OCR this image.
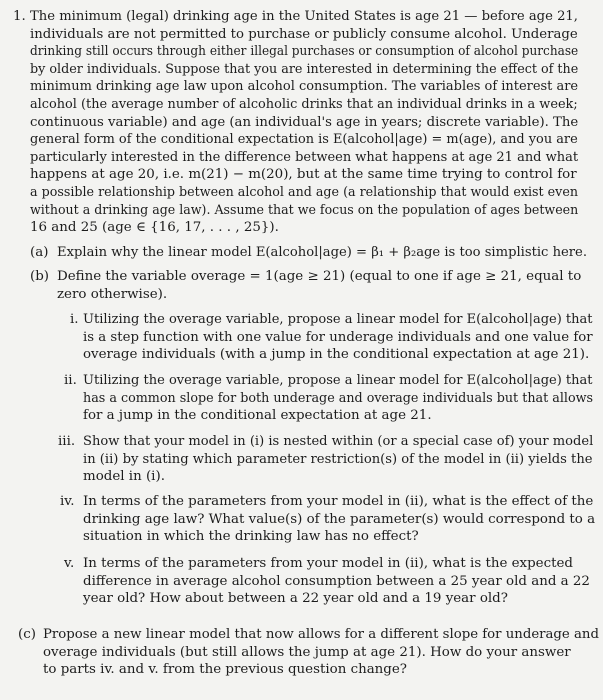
1. The minimum (legal) drinking age in the United States is age 21 — before age 21,
individuals are not permitted to purchase or publicly consume alcohol. Underage
drinking still occurs through either illegal purchases or consumption of alcohol purchase
by older individuals. Suppose that you are interested in determining the effect of the
minimum drinking age law upon alcohol consumption. The variables of interest are
alcohol (the average number of alcoholic drinks that an individual drinks in a week;
continuous variable) and age (an individual's age in years; discrete variable). The
general form of the conditional expectation is E(alcohol|age) = m(age), and you are
particularly interested in the difference between what happens at age 21 and what
happens at age 20, i.e. m(21) − m(20), but at the same time trying to control for
a possible relationship between alcohol and age (a relationship that would exist even
without a drinking age law). Assume that we focus on the population of ages between
16 and 25 (age ∈ {16, 17, . . . , 25}).
(a) Explain why the linear model E(alcohol|age) = β₁ + β₂age is too simplistic here.
(b) Define the variable overage = 1(age ≥ 21) (equal to one if age ≥ 21, equal to
zero otherwise).
i. Utilizing the overage variable, propose a linear model for E(alcohol|age) that
is a step function with one value for underage individuals and one value for
overage individuals (with a jump in the conditional expectation at age 21).
ii. Utilizing the overage variable, propose a linear model for E(alcohol|age) that
has a common slope for both underage and overage individuals but that allows
for a jump in the conditional expectation at age 21.
iii. Show that your model in (i) is nested within (or a special case of) your model
in (ii) by stating which parameter restriction(s) of the model in (ii) yields the
model in (i).
iv. In terms of the parameters from your model in (ii), what is the effect of the
drinking age law? What value(s) of the parameter(s) would correspond to a
situation in which the drinking law has no effect?
v. In terms of the parameters from your model in (ii), what is the expected
difference in average alcohol consumption between a 25 year old and a 22
year old? How about between a 22 year old and a 19 year old?
(c) Propose a new linear model that now allows for a different slope for underage and
overage individuals (but still allows the jump at age 21). How do your answer
to parts iv. and v. from the previous question change?
